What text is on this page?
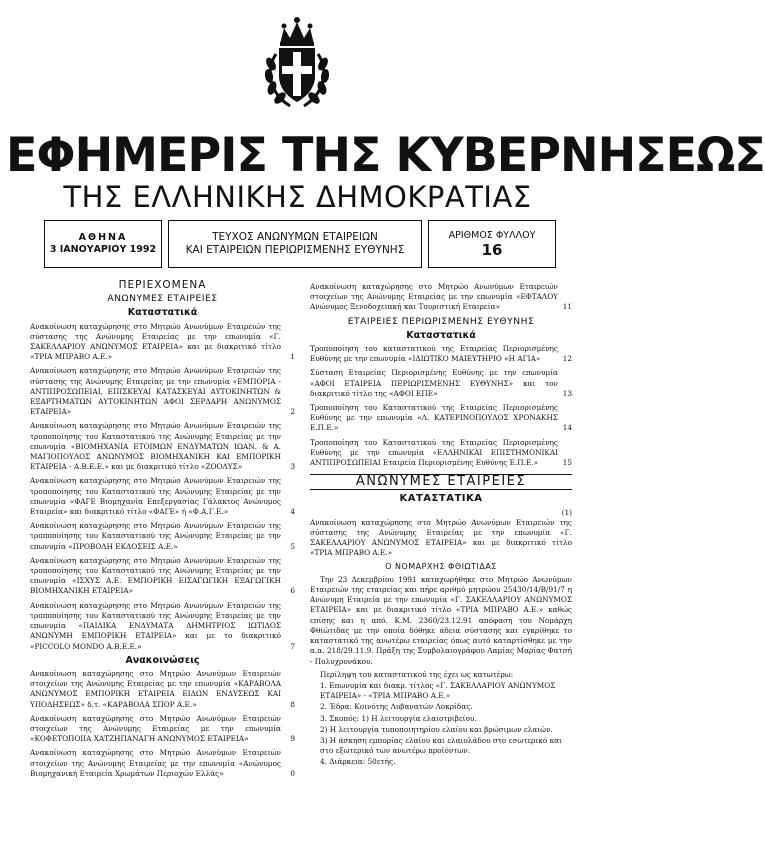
ΕΦΗΜΕΡΙΣ ΤΗΣ ΚΥΒΕΡΝΗΣΕΩΣ
ΤΗΣ ΕΛΛΗΝΙΚΗΣ ΔΗΜΟΚΡΑΤΙΑΣ
ΑΘΗΝΑ
3 ΙΑΝΟΥΑΡΙΟΥ 1992
ΤΕΥΧΟΣ ΑΝΩΝΥΜΩΝ ΕΤΑΙΡΕΙΩΝ
ΚΑΙ ΕΤΑΙΡΕΙΩΝ ΠΕΡΙΩΡΙΣΜΕΝΗΣ ΕΥΘΥΝΗΣ
ΑΡΙΘΜΟΣ ΦΥΛΛΟΥ
16
ΠΕΡΙΕΧΟΜΕΝΑ
ΑΝΩΝΥΜΕΣ ΕΤΑΙΡΕΙΕΣ
Καταστατικά
Ανακοίνωση καταχώρησης στο Μητρώο Ανωνύμων Εταιρειών της σύστασης της Ανώνυμης Εταιρείας με την επωνυμία «Γ. ΣΑΚΕΛΛΑΡΙΟΥ ΑΝΩΝΥΜΟΣ ΕΤΑΙΡΕΙΑ» και με διακριτικό τίτλο «ΤΡΙΑ ΜΠΡΑΒΟ Α.Ε.»	1
Ανακοίνωση καταχώρησης στο Μητρώο Ανωνύμων Εταιρειών της σύστασης της Ανώνυμης Εταιρείας με την επωνυμία «ΕΜΠΟΡΙΑ - ΑΝΤΙΠΡΟΣΩΠΕΙΑΙ, ΕΠΙΣΚΕΥΑΙ ΚΑΤΑΣΚΕΥΑΙ ΑΥΤΟΚΙΝΗΤΩΝ & ΕΞΑΡΤΗΜΑΤΩΝ ΑΥΤΟΚΙΝΗΤΩΝ ΑΦΟΙ ΣΕΡΔΑΡΗ ΑΝΩΝΥΜΟΣ ΕΤΑΙΡΕΙΑ»	2
Ανακοίνωση καταχώρησης στο Μητρώο Ανωνύμων Εταιρειών της τροποποίησης του Καταστατικού της Ανώνυμης Εταιρείας με την επωνυμία «ΒΙΟΜΗΧΑΝΙΑ ΕΤΟΙΜΩΝ ΕΝΔΥΜΑΤΩΝ ΙΩΑΝ. & Α. ΜΑΓΙΟΠΟΥΛΟΣ ΑΝΩΝΥΜΟΣ ΒΙΟΜΗΧΑΝΙΚΗ ΚΑΙ ΕΜΠΟΡΙΚΗ ΕΤΑΙΡΕΙΑ - Α.Β.Ε.Ε.» και με διακριτικό τίτλο «ΖΟΟΛΥΣ»	3
Ανακοίνωση καταχώρησης στο Μητρώο Ανωνύμων Εταιρειών της τροποποίησης του Καταστατικού της Ανώνυμης Εταιρείας με την επωνυμία «ΦΑΓΕ Βιομηχανία Επεξεργασίας Γάλακτος Ανώνυμος Εταιρεία» και διακριτικό τίτλο «ΦΑΓΕ» ή «Φ.Α.Γ.Ε.»	4
Ανακοίνωση καταχώρησης στο Μητρώο Ανωνύμων Εταιρειών της τροποποίησης του Καταστατικού της Ανώνυμης Εταιρείας με την επωνυμία «ΠΡΟΒΟΛΗ ΕΚΔΟΣΕΙΣ Α.Ε.»	5
Ανακοίνωση καταχώρησης στο Μητρώο Ανωνύμων Εταιρειών της τροποποίησης του Καταστατικού της Ανώνυμης Εταιρείας με την επωνυμία «ΙΣΧΥΣ Α.Ε. ΕΜΠΟΡΙΚΗ ΕΙΣΑΓΩΓΙΚΗ ΕΞΑΓΩΓΙΚΗ ΒΙΟΜΗΧΑΝΙΚΗ ΕΤΑΙΡΕΙΑ»	6
Ανακοίνωση καταχώρησης στο Μητρώο Ανωνύμων Εταιρειών της τροποποίησης του Καταστατικού της Ανώνυμης Εταιρείας με την επωνυμία «ΠΑΙΔΙΚΑ ΕΝΔΥΜΑΤΑ ΔΗΜΗΤΡΙΟΣ ΙΩΤΙΔΟΣ ΑΝΩΝΥΜΗ ΕΜΠΟΡΙΚΗ ΕΤΑΙΡΕΙΑ» και με το διακριτικό «PICCOLO MONDO Α.Β.Ε.Ε.»	7
Ανακοινώσεις
Ανακοίνωση καταχώρησης στο Μητρώο Ανωνύμων Εταιρειών στοιχείων της Ανώνυμης Εταιρείας με την επωνυμία «ΚΑΡΑΒΟΛΑ ΑΝΩΝΥΜΟΣ ΕΜΠΟΡΙΚΗ ΕΤΑΙΡΕΙΑ ΕΙΔΩΝ ΕΝΔΥΣΕΩΣ ΚΑΙ ΥΠΟΔΗΣΕΩΣ» δ.τ. «ΚΑΡΑΒΟΛΑ ΣΠΟΡ Α.Ε.»	8
Ανακοίνωση καταχώρησης στο Μητρώο Ανωνύμων Εταιρειών στοιχείων της Ανώνυμης Εταιρείας με την επωνυμία «ΚΟΦΕΤΟΠΟΙΙΑ ΧΑΤΖΗΠΑΝΑΓΗ ΑΝΩΝΥΜΟΣ ΕΤΑΙΡΕΙΑ»	9
Ανακοίνωση καταχώρησης στο Μητρώο Ανωνύμων Εταιρειών στοιχείων της Ανώνυμης Εταιρείας με την επωνυμία «Ανώνυμος Βιομηχανική Εταιρεία Χρωμάτων Περιοχών Ελλάς»	0
Ανακοίνωση καταχώρησης στο Μητρώο Ανωνύμων Εταιρειών στοιχείων της Ανώνυμης Εταιρείας με την επωνυμία «ΕΦΤΑΛΟΥ Ανώνυμος Ξενοδοχειακή και Τουριστική Εταιρεία»	11
ΕΤΑΙΡΕΙΕΣ ΠΕΡΙΩΡΙΣΜΕΝΗΣ ΕΥΘΥΝΗΣ
Καταστατικά
Τροποποίηση του καταστατικού της Εταιρείας Περιορισμένης Ευθύνης με την επωνυμία «ΙΔΙΩΤΙΚΟ ΜΑΙΕΥΤΗΡΙΟ «Η ΑΓΙΑ»	12
Σύσταση Εταιρείας Περιορισμένης Ευθύνης με την επωνυμία «ΑΦΟΙ ΕΤΑΙΡΕΙΑ ΠΕΡΙΩΡΙΣΜΕΝΗΣ ΕΥΘΥΝΗΣ» και τον διακριτικό τίτλο της «ΑΦΟΙ ΕΠΕ»	13
Τροποποίηση του Καταστατικού της Εταιρείας Περιορισμένης Ευθύνης με την επωνυμία «Λ. ΚΑΤΕΡΙΝΟΠΟΥΛΟΣ ΧΡΟΝΑΚΗΣ Ε.Π.Ε.»	14
Τροποποίηση του Καταστατικού της Εταιρείας Περιορισμένης Ευθύνης με την επωνυμία «ΕΛΛΗΝΙΚΑΙ ΕΠΙΣΤΗΜΟΝΙΚΑΙ ΑΝΤΙΠΡΟΣΩΠΕΙΑΙ Εταιρεία Περιορισμένης Ευθύνης Ε.Π.Ε.»	15
ΑΝΩΝΥΜΕΣ ΕΤΑΙΡΕΙΕΣ
ΚΑΤΑΣΤΑΤΙΚΑ
(1)
Ανακοίνωση καταχώρησης στο Μητρώο Ανωνύμων Εταιρειών της σύστασης της Ανώνυμης Εταιρείας με την επωνυμία «Γ. ΣΑΚΕΛΛΑΡΙΟΥ ΑΝΩΝΥΜΟΣ ΕΤΑΙΡΕΙΑ» και με διακριτικό τίτλο «ΤΡΙΑ ΜΠΡΑΒΟ Α.Ε.»
Ο ΝΟΜΑΡΧΗΣ ΦΘΙΩΤΙΔΑΣ
Την 23 Δεκεμβρίου 1991 καταχωρήθηκε στο Μητρώο Ανωνύμων Εταιρειών της εταιρείας και πήρε αριθμό μητρώου 25430/14/Β/91/7 η Ανώνυμη Εταιρεία με την επωνυμία «Γ. ΣΑΚΕΛΛΑΡΙΟΥ ΑΝΩΝΥΜΟΣ ΕΤΑΙΡΕΙΑ» και με διακριτικό τίτλο «ΤΡΙΑ ΜΠΡΑΒΟ Α.Ε.» καθώς επίσης και η από. Κ.Μ. 2360/23.12.91 απόφαση του Νομάρχη Φθιώτιδας με την οποία δόθηκε άδεια σύστασης και εγκρίθηκε το καταστατικό της ανωτέρω εταιρείας όπως αυτό καταρτίσθηκε με την α.α. 218/29.11.9. Πράξη της Συμβολαιογράφου Λαμίας Μαρίας Φατσή - Πολυχρονάκου.
Περίληψη του καταστατικού της έχει ως κατωτέρω:
1. Επωνυμία και διακρ. τίτλος «Γ. ΣΑΚΕΛΛΑΡΙΟΥ ΑΝΩΝΥΜΟΣ ΕΤΑΙΡΕΙΑ» - «ΤΡΙΑ ΜΠΡΑΒΟ Α.Ε.»
2. Έδρα: Κοινότης Λυβανατών Λοκρίδας.
3. Σκοπός: 1) Η λειτουργία ελαιοτριβείου.
2) Η λειτουργία τυποποιητηρίου ελαίου και βρώσιμων ελαιών.
3) Η άσκηση εμπορίας ελαίου και ελαιολάδου στο εσωτερικό και στο εξωτερικό των ανωτέρω προϊόντων.
4. Διάρκεια: 50ετής.
